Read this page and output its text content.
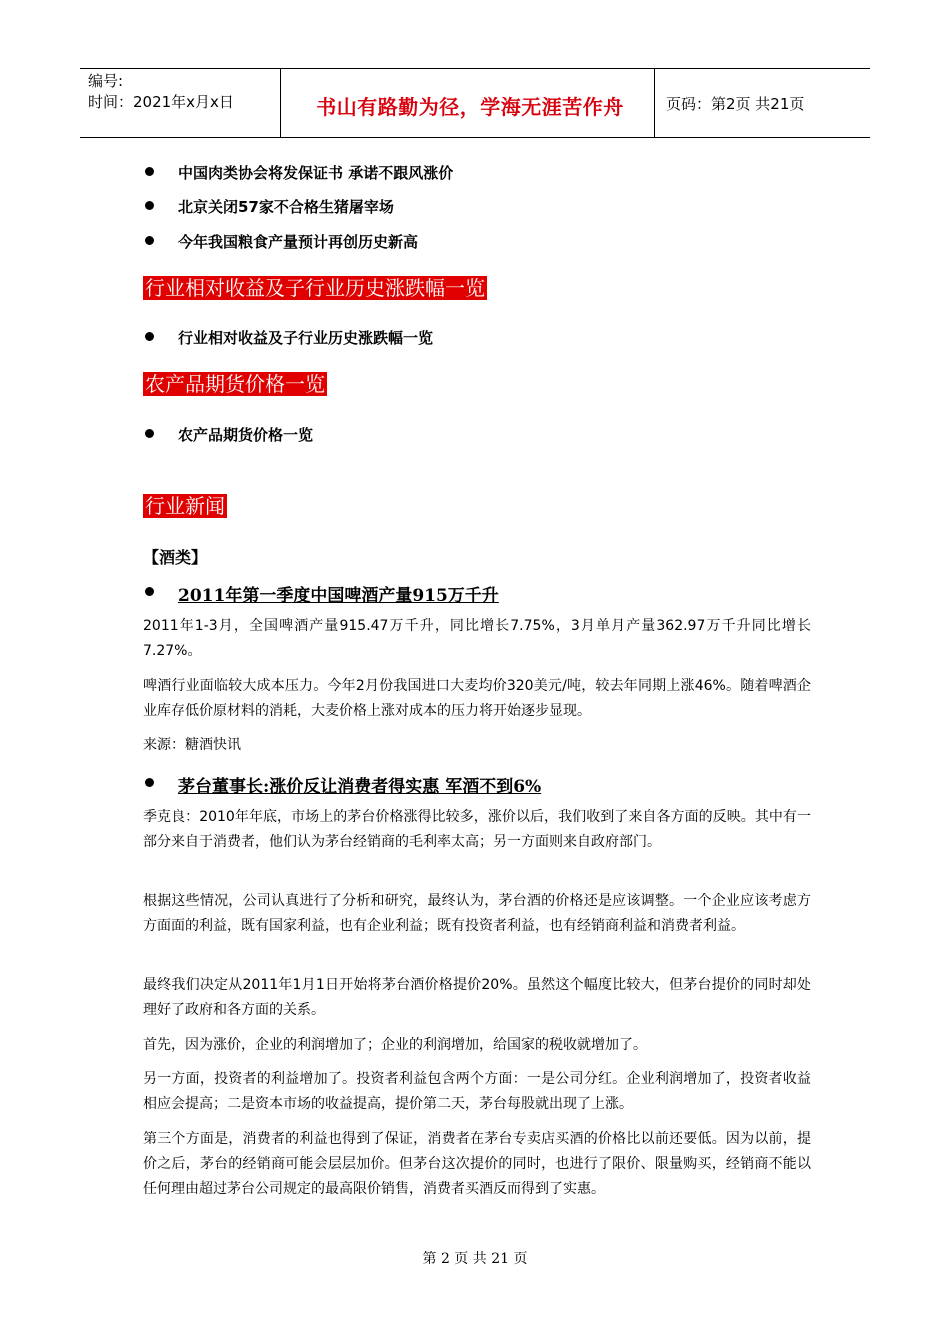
编号:
时间：2021年x月x日	书山有路勤为径，学海无涯苦作舟	页码：第2页 共21页
中国肉类协会将发保证书 承诺不跟风涨价
北京关闭57家不合格生猪屠宰场
今年我国粮食产量预计再创历史新高
行业相对收益及子行业历史涨跌幅一览
行业相对收益及子行业历史涨跌幅一览
农产品期货价格一览
农产品期货价格一览
行业新闻
【酒类】
2011年第一季度中国啤酒产量915万千升
2011年1-3月，全国啤酒产量915.47万千升，同比增长7.75%，3月单月产量362.97万千升同比增长7.27%。
啤酒行业面临较大成本压力。今年2月份我国进口大麦均价320美元/吨，较去年同期上涨46%。随着啤酒企业库存低价原材料的消耗，大麦价格上涨对成本的压力将开始逐步显现。
来源：糖酒快讯
茅台董事长:涨价反让消费者得实惠 军酒不到6%
季克良：2010年年底，市场上的茅台价格涨得比较多，涨价以后，我们收到了来自各方面的反映。其中有一部分来自于消费者，他们认为茅台经销商的毛利率太高；另一方面则来自政府部门。
根据这些情况，公司认真进行了分析和研究，最终认为，茅台酒的价格还是应该调整。一个企业应该考虑方方面面的利益，既有国家利益，也有企业利益；既有投资者利益，也有经销商利益和消费者利益。
最终我们决定从2011年1月1日开始将茅台酒价格提价20%。虽然这个幅度比较大，但茅台提价的同时却处理好了政府和各方面的关系。
首先，因为涨价，企业的利润增加了；企业的利润增加，给国家的税收就增加了。
另一方面，投资者的利益增加了。投资者利益包含两个方面：一是公司分红。企业利润增加了，投资者收益相应会提高；二是资本市场的收益提高，提价第二天，茅台每股就出现了上涨。
第三个方面是，消费者的利益也得到了保证，消费者在茅台专卖店买酒的价格比以前还要低。因为以前，提价之后，茅台的经销商可能会层层加价。但茅台这次提价的同时，也进行了限价、限量购买，经销商不能以任何理由超过茅台公司规定的最高限价销售，消费者买酒反而得到了实惠。
第 2 页 共 21 页
